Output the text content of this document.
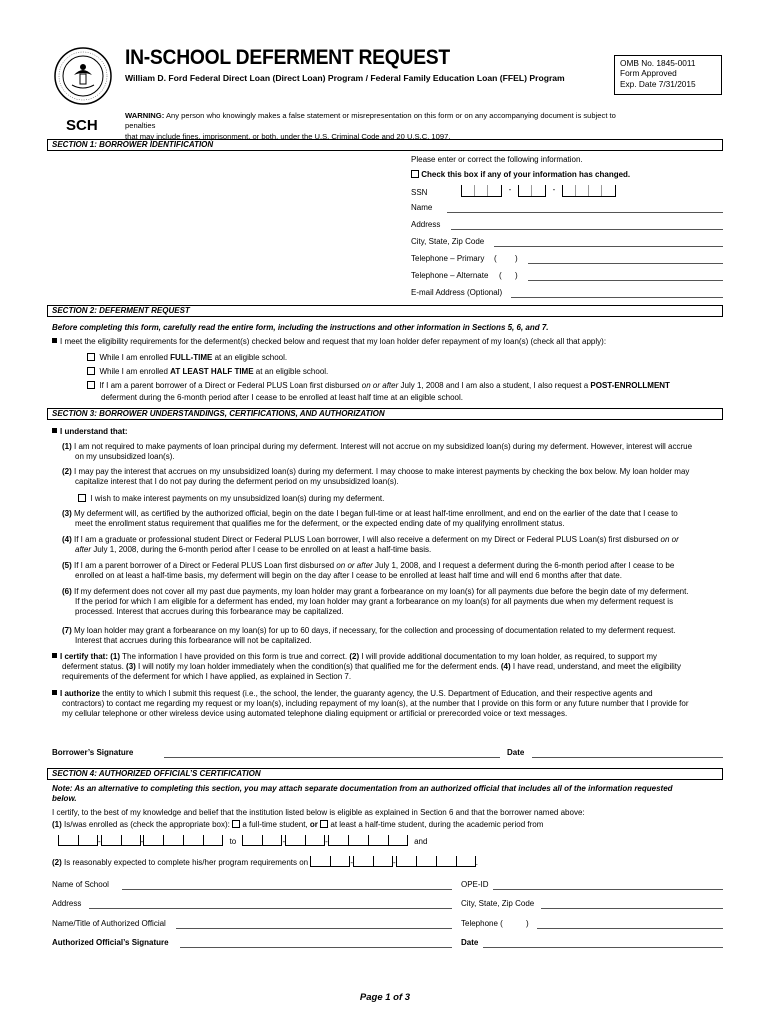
IN-SCHOOL DEFERMENT REQUEST
William D. Ford Federal Direct Loan (Direct Loan) Program / Federal Family Education Loan (FFEL) Program
OMB No. 1845-0011
Form Approved
Exp. Date 7/31/2015
SCH
WARNING: Any person who knowingly makes a false statement or misrepresentation on this form or on any accompanying document is subject to penalties
that may include fines, imprisonment, or both, under the U.S. Criminal Code and 20 U.S.C. 1097.
SECTION 1: BORROWER IDENTIFICATION
Please enter or correct the following information.
Check this box if any of your information has changed.
SSN	-	-
Name
Address
City, State, Zip Code
Telephone – Primary ( )
Telephone – Alternate ( )
E-mail Address (Optional)
SECTION 2: DEFERMENT REQUEST
Before completing this form, carefully read the entire form, including the instructions and other information in Sections 5, 6, and 7.
I meet the eligibility requirements for the deferment(s) checked below and request that my loan holder defer repayment of my loan(s) (check all that apply):
While I am enrolled FULL-TIME at an eligible school.
While I am enrolled AT LEAST HALF TIME at an eligible school.
If I am a parent borrower of a Direct or Federal PLUS Loan first disbursed on or after July 1, 2008 and I am also a student, I also request a POST-ENROLLMENT
deferment during the 6-month period after I cease to be enrolled at least half time at an eligible school.
SECTION 3: BORROWER UNDERSTANDINGS, CERTIFICATIONS, AND AUTHORIZATION
I understand that:
(1) I am not required to make payments of loan principal during my deferment. Interest will not accrue on my subsidized loan(s) during my deferment. However, interest will accrue
on my unsubsidized loan(s).
(2) I may pay the interest that accrues on my unsubsidized loan(s) during my deferment. I may choose to make interest payments by checking the box below. My loan holder may
capitalize interest that I do not pay during the deferment period on my unsubsidized loan(s).
I wish to make interest payments on my unsubsidized loan(s) during my deferment.
(3) My deferment will, as certified by the authorized official, begin on the date I began full-time or at least half-time enrollment, and end on the earlier of the date that I cease to
meet the enrollment status requirement that qualifies me for the deferment, or the expected ending date of my qualifying enrollment status.
(4) If I am a graduate or professional student Direct or Federal PLUS Loan borrower, I will also receive a deferment on my Direct or Federal PLUS Loan(s) first disbursed on or
after July 1, 2008, during the 6-month period after I cease to be enrolled on at least a half-time basis.
(5) If I am a parent borrower of a Direct or Federal PLUS Loan first disbursed on or after July 1, 2008, and I request a deferment during the 6-month period after I cease to be
enrolled on at least a half-time basis, my deferment will begin on the day after I cease to be enrolled at least half time and will end 6 months after that date.
(6) If my deferment does not cover all my past due payments, my loan holder may grant a forbearance on my loan(s) for all payments due before the begin date of my deferment.
If the period for which I am eligible for a deferment has ended, my loan holder may grant a forbearance on my loan(s) for all payments due when my deferment request is
processed. Interest that accrues during this forbearance may be capitalized.
(7) My loan holder may grant a forbearance on my loan(s) for up to 60 days, if necessary, for the collection and processing of documentation related to my deferment request.
Interest that accrues during this forbearance will not be capitalized.
I certify that: (1) The information I have provided on this form is true and correct. (2) I will provide additional documentation to my loan holder, as required, to support my
deferment status. (3) I will notify my loan holder immediately when the condition(s) that qualified me for the deferment ends. (4) I have read, understand, and meet the eligibility
requirements of the deferment for which I have applied, as explained in Section 7.
I authorize the entity to which I submit this request (i.e., the school, the lender, the guaranty agency, the U.S. Department of Education, and their respective agents and
contractors) to contact me regarding my request or my loan(s), including repayment of my loan(s), at the number that I provide on this form or any future number that I provide for
my cellular telephone or other wireless device using automated telephone dialing equipment or artificial or prerecorded voice or text messages.
Borrower’s Signature	Date
SECTION 4: AUTHORIZED OFFICIAL’S CERTIFICATION
Note: As an alternative to completing this section, you may attach separate documentation from an authorized official that includes all of the information requested
below.
I certify, to the best of my knowledge and belief that the institution listed below is eligible as explained in Section 6 and that the borrower named above:
(1) Is/was enrolled as (check the appropriate box):  a full-time student, or  at least a half-time student, during the academic period from
-	-	to	-	-	and
(2) Is reasonably expected to complete his/her program requirements on	-	-	.
Name of School	OPE-ID
Address	City, State, Zip Code
Name/Title of Authorized Official	Telephone (	)
Authorized Official’s Signature	Date
Page 1 of 3
